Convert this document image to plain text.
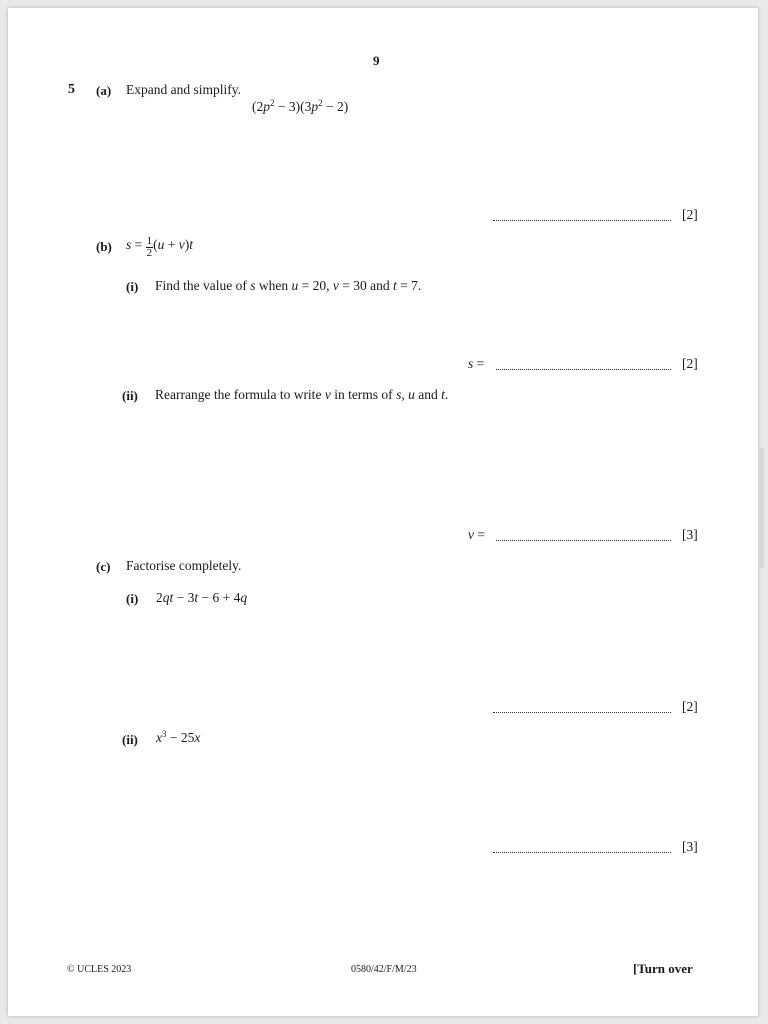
9
5 (a) Expand and simplify.
$(2p^2 - 3)(3p^2 - 2)$
[2]
(b) $s = \frac{1}{2} (u + v)t$
(i) Find the value of s when u = 20, v = 30 and t = 7.
s =	[2]
(ii) Rearrange the formula to write v in terms of s, u and t.
v =	[3]
(c) Factorise completely.
(i) 2qt − 3t − 6 + 4q
[2]
(ii) $x^3 - 25x$
[3]
© UCLES 2023	0580/42/F/M/23	[Turn over
